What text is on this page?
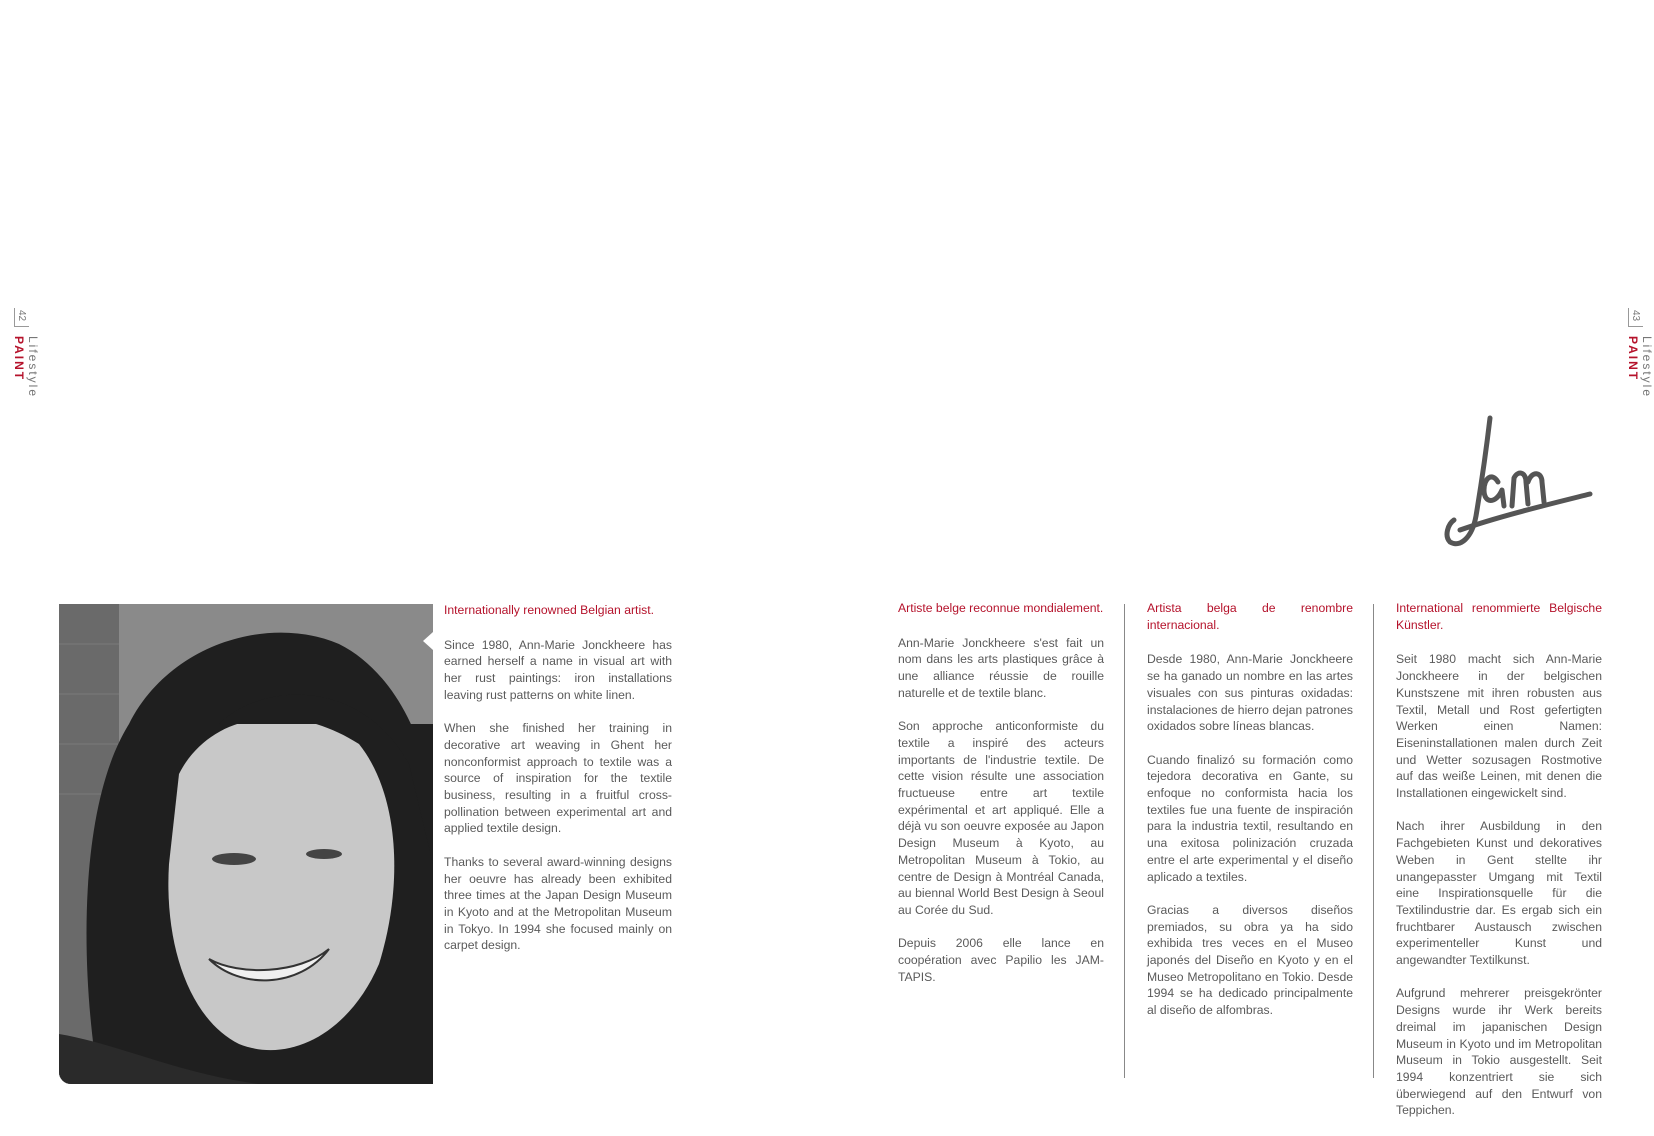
42
Lifestyle PAINT
43
Lifestyle PAINT
Internationally renowned Belgian artist.

Since 1980, Ann-Marie Jonckheere has earned herself a name in visual art with her rust paintings: iron installations leaving rust patterns on white linen.

When she finished her training in decorative art weaving in Ghent her nonconformist approach to textile was a source of inspiration for the textile business, resulting in a fruitful cross-pollination between experimental art and applied textile design.

Thanks to several award-winning designs her oeuvre has already been exhibited three times at the Japan Design Museum in Kyoto and at the Metropolitan Museum in Tokyo. In 1994 she focused mainly on carpet design.

Artiste belge reconnue mondialement.

Ann-Marie Jonckheere s'est fait un nom dans les arts plastiques grâce à une alliance réussie de rouille naturelle et de textile blanc.

Son approche anticonformiste du textile a inspiré des acteurs importants de l'industrie textile. De cette vision résulte une association fructueuse entre art textile expérimental et art appliqué. Elle a déjà vu son oeuvre exposée au Japon Design Museum à Kyoto, au Metropolitan Museum à Tokio, au centre de Design à Montréal Canada, au biennal World Best Design à Seoul au Corée du Sud.

Depuis 2006 elle lance en coopération avec Papilio les JAM-TAPIS.

Artista belga de renombre internacional.

Desde 1980, Ann-Marie Jonckheere se ha ganado un nombre en las artes visuales con sus pinturas oxidadas: instalaciones de hierro dejan patrones oxidados sobre líneas blancas.

Cuando finalizó su formación como tejedora decorativa en Gante, su enfoque no conformista hacia los textiles fue una fuente de inspiración para la industria textil, resultando en una exitosa polinización cruzada entre el arte experimental y el diseño aplicado a textiles.

Gracias a diversos diseños premiados, su obra ya ha sido exhibida tres veces en el Museo japonés del Diseño en Kyoto y en el Museo Metropolitano en Tokio. Desde 1994 se ha dedicado principalmente al diseño de alfombras.

International renommierte Belgische Künstler.

Seit 1980 macht sich Ann-Marie Jonckheere in der belgischen Kunstszene mit ihren robusten aus Textil, Metall und Rost gefertigten Werken einen Namen: Eiseninstallationen malen durch Zeit und Wetter sozusagen Rostmotive auf das weiße Leinen, mit denen die Installationen eingewickelt sind.

Nach ihrer Ausbildung in den Fachgebieten Kunst und dekoratives Weben in Gent stellte ihr unangepasster Umgang mit Textil eine Inspirationsquelle für die Textilindustrie dar. Es ergab sich ein fruchtbarer Austausch zwischen experimenteller Kunst und angewandter Textilkunst.

Aufgrund mehrerer preisgekrönter Designs wurde ihr Werk bereits dreimal im japanischen Design Museum in Kyoto und im Metropolitan Museum in Tokio ausgestellt. Seit 1994 konzentriert sie sich überwiegend auf den Entwurf von Teppichen.
